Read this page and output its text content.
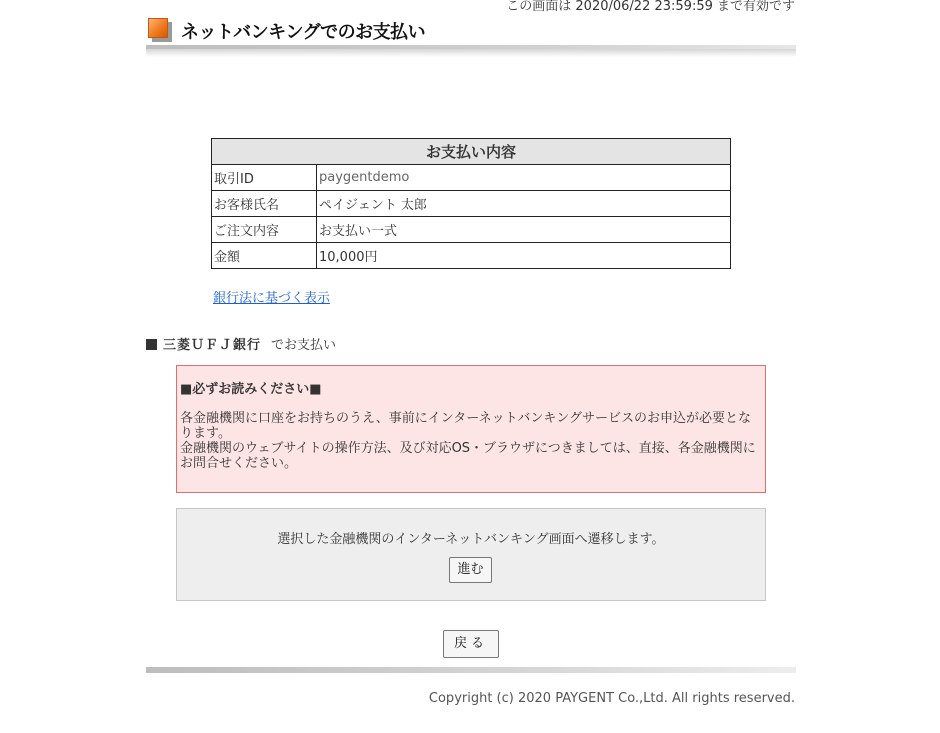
この画面は 2020/06/22 23:59:59 まで有効です
ネットバンキングでのお支払い
お支払い内容	
取引ID	paygentdemo
お客様氏名	ペイジェント 太郎
ご注文内容	お支払い一式
金額	10,000円
銀行法に基づく表示
三菱ＵＦＪ銀行 でお支払い
■必ずお読みください■
各金融機関に口座をお持ちのうえ、事前にインターネットバンキングサービスのお申込が必要となります。
金融機関のウェブサイトの操作方法、及び対応OS・ブラウザにつきましては、直接、各金融機関にお問合せください。
選択した金融機関のインターネットバンキング画面へ遷移します。
進む
戻る
Copyright (c) 2020 PAYGENT Co.,Ltd. All rights reserved.
